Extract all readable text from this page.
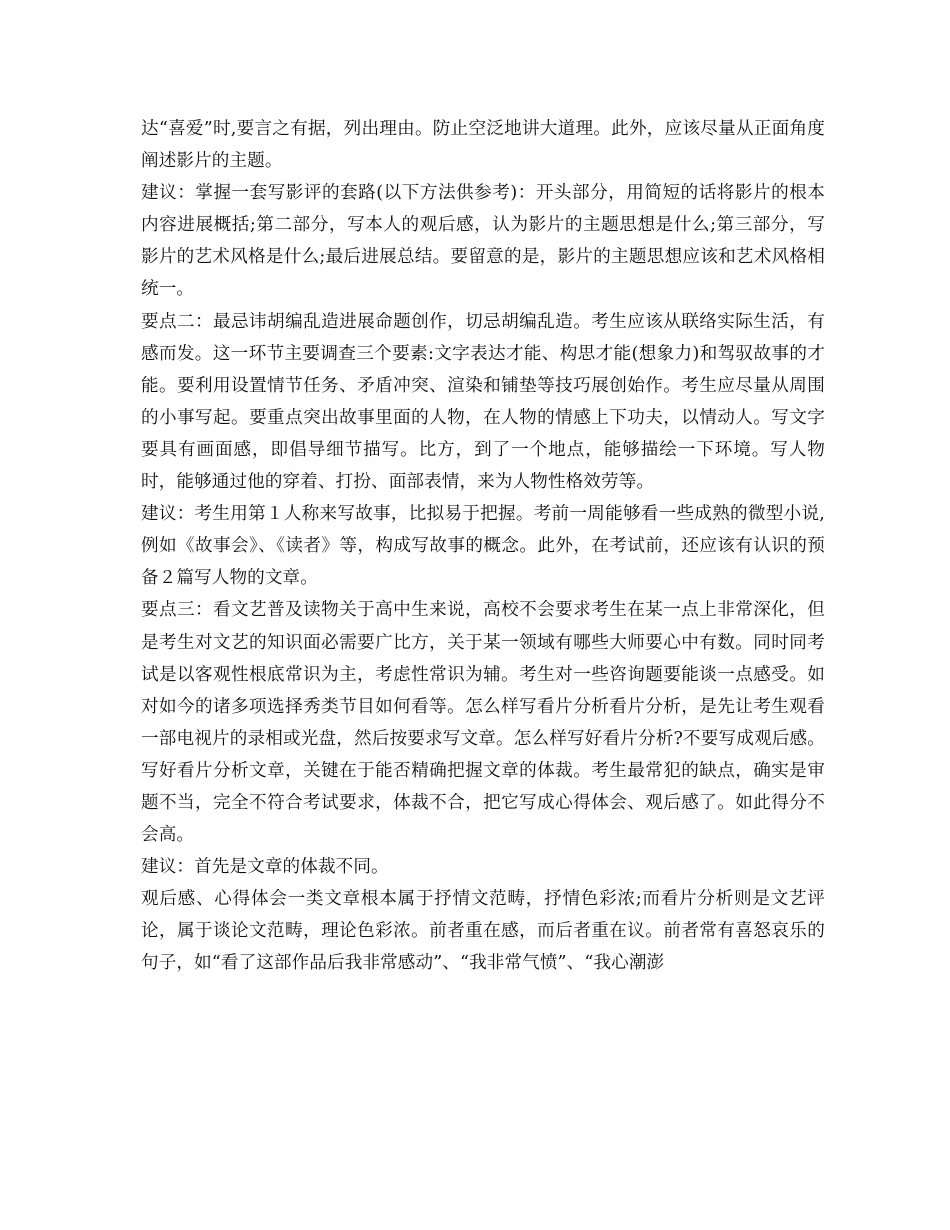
达“喜爱”时,要言之有据，列出理由。防止空泛地讲大道理。此外，应该尽量从正面角度阐述影片的主题。

建议：掌握一套写影评的套路(以下方法供参考)：开头部分，用简短的话将影片的根本内容进展概括;第二部分，写本人的观后感，认为影片的主题思想是什么;第三部分，写影片的艺术风格是什么;最后进展总结。要留意的是，影片的主题思想应该和艺术风格相统一。

要点二：最忌讳胡编乱造进展命题创作，切忌胡编乱造。考生应该从联络实际生活，有感而发。这一环节主要调查三个要素:文字表达才能、构思才能(想象力)和驾驭故事的才能。要利用设置情节任务、矛盾冲突、渲染和铺垫等技巧展创始作。考生应尽量从周围的小事写起。要重点突出故事里面的人物，在人物的情感上下功夫，以情动人。写文字要具有画面感，即倡导细节描写。比方，到了一个地点，能够描绘一下环境。写人物时，能够通过他的穿着、打扮、面部表情，来为人物性格效劳等。

建议：考生用第１人称来写故事，比拟易于把握。考前一周能够看一些成熟的微型小说,例如《故事会》、《读者》等，构成写故事的概念。此外，在考试前，还应该有认识的预备２篇写人物的文章。

要点三：看文艺普及读物关于高中生来说，高校不会要求考生在某一点上非常深化，但是考生对文艺的知识面必需要广比方，关于某一领域有哪些大师要心中有数。同时同考试是以客观性根底常识为主，考虑性常识为辅。考生对一些咨询题要能谈一点感受。如对如今的诸多项选择秀类节目如何看等。怎么样写看片分析看片分析，是先让考生观看一部电视片的录相或光盘，然后按要求写文章。怎么样写好看片分析?不要写成观后感。写好看片分析文章，关键在于能否精确把握文章的体裁。考生最常犯的缺点，确实是审题不当，完全不符合考试要求，体裁不合，把它写成心得体会、观后感了。如此得分不会高。

建议：首先是文章的体裁不同。

观后感、心得体会一类文章根本属于抒情文范畴，抒情色彩浓;而看片分析则是文艺评论，属于谈论文范畴，理论色彩浓。前者重在感，而后者重在议。前者常有喜怒哀乐的句子，如“看了这部作品后我非常感动”、“我非常气愤”、“我心潮澎
